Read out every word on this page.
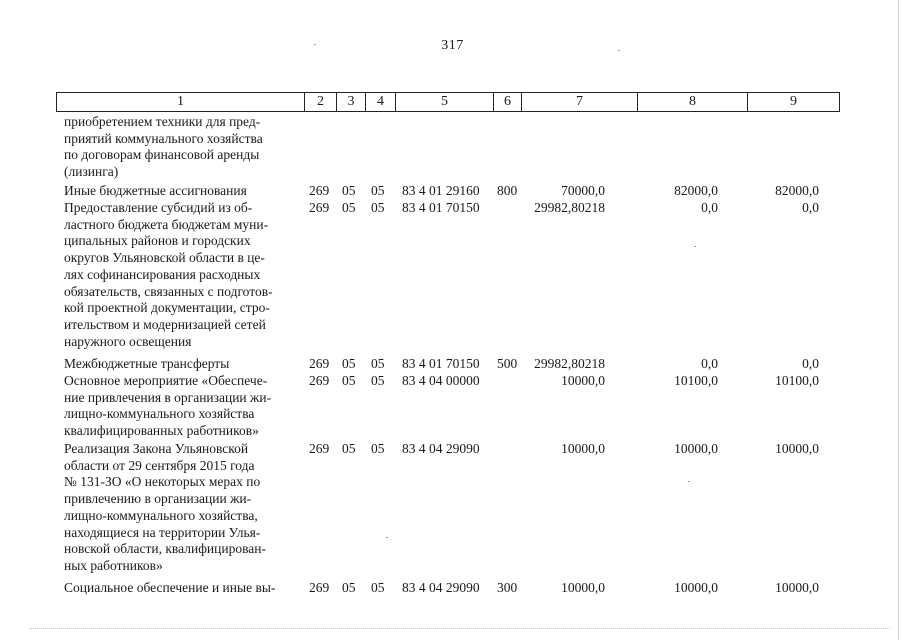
317
1	2	3	4	5	6	7	8	9
приобретением техники для пред-
приятий коммунального хозяйства
по договорам финансовой аренды
(лизинга)
Иные бюджетные ассигнования	269 05 05 83 4 01 29160 800	70000,0	82000,0	82000,0
Предоставление субсидий из об-
ластного бюджета бюджетам муни-
ципальных районов и городских
округов Ульяновской области в це-
лях софинансирования расходных
обязательств, связанных с подготов-
кой проектной документации, стро-
ительством и модернизацией сетей
наружного освещения
269 05 05 83 4 01 70150	29982,80218	0,0	0,0
Межбюджетные трансферты	269 05 05 83 4 01 70150 500	29982,80218	0,0	0,0
Основное мероприятие «Обеспече-
ние привлечения в организации жи-
лищно-коммунального хозяйства
квалифицированных работников»
269 05 05 83 4 04 00000	10000,0	10100,0	10100,0
Реализация Закона Ульяновской
области от 29 сентября 2015 года
№ 131-ЗО «О некоторых мерах по
привлечению в организации жи-
лищно-коммунального хозяйства,
находящиеся на территории Улья-
новской области, квалифицирован-
ных работников»
269 05 05 83 4 04 29090	10000,0	10000,0	10000,0
Социальное обеспечение и иные вы-	269 05 05 83 4 04 29090 300	10000,0	10000,0	10000,0
